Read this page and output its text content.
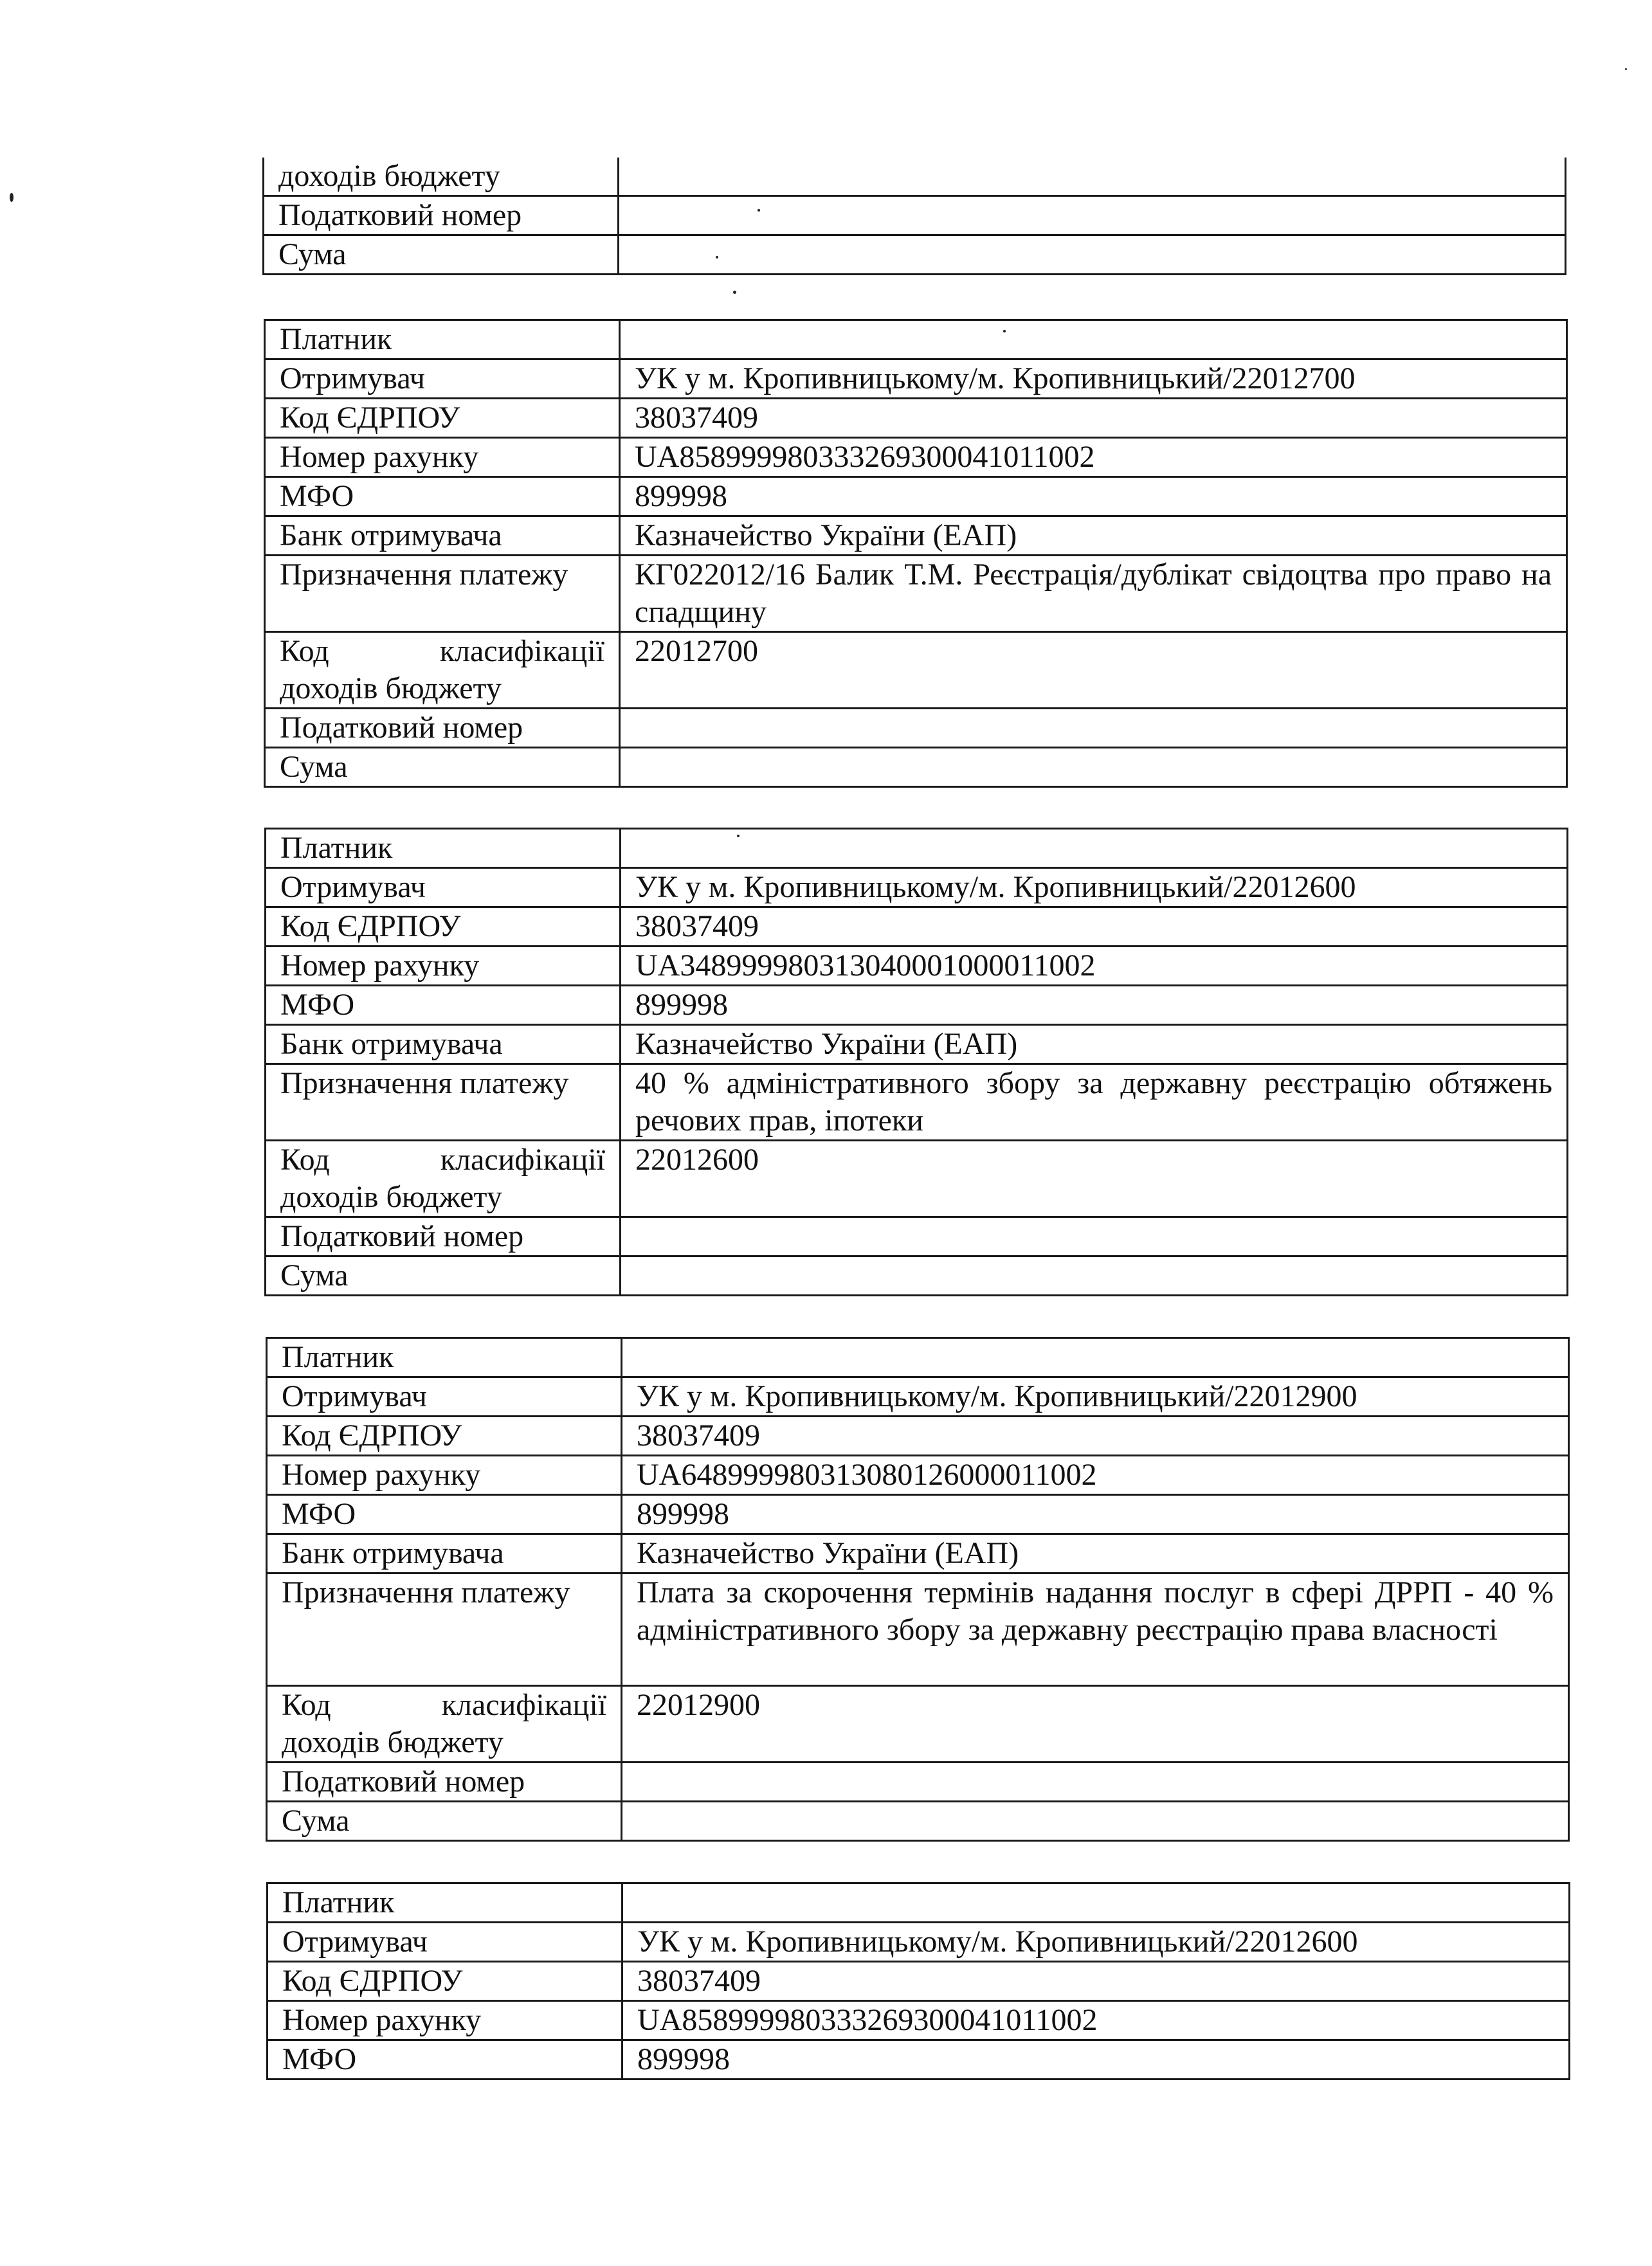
доходів бюджету	
Податковий номер	
Сума	
Платник	
Отримувач	УК у м. Кропивницькому/м. Кропивницький/22012700
Код ЄДРПОУ	38037409
Номер рахунку	UA858999980333269300041011002
МФО	899998
Банк отримувача	Казначейство України (ЕАП)
Призначення платежу	КГ022012/16 Балик Т.М. Реєстрація/дублікат свідоцтва про право на спадщину
Код класифікації доходів бюджету	22012700
Податковий номер	
Сума	
Платник	
Отримувач	УК у м. Кропивницькому/м. Кропивницький/22012600
Код ЄДРПОУ	38037409
Номер рахунку	UA348999980313040001000011002
МФО	899998
Банк отримувача	Казначейство України (ЕАП)
Призначення платежу	40 % адміністративного збору за державну реєстрацію обтяжень речових прав, іпотеки
Код класифікації доходів бюджету	22012600
Податковий номер	
Сума	
Платник	
Отримувач	УК у м. Кропивницькому/м. Кропивницький/22012900
Код ЄДРПОУ	38037409
Номер рахунку	UA648999980313080126000011002
МФО	899998
Банк отримувача	Казначейство України (ЕАП)
Призначення платежу	Плата за скорочення термінів надання послуг в сфері ДРРП - 40 % адміністративного збору за державну реєстрацію права власності
Код класифікації доходів бюджету	22012900
Податковий номер	
Сума	
Платник	
Отримувач	УК у м. Кропивницькому/м. Кропивницький/22012600
Код ЄДРПОУ	38037409
Номер рахунку	UA858999980333269300041011002
МФО	899998
